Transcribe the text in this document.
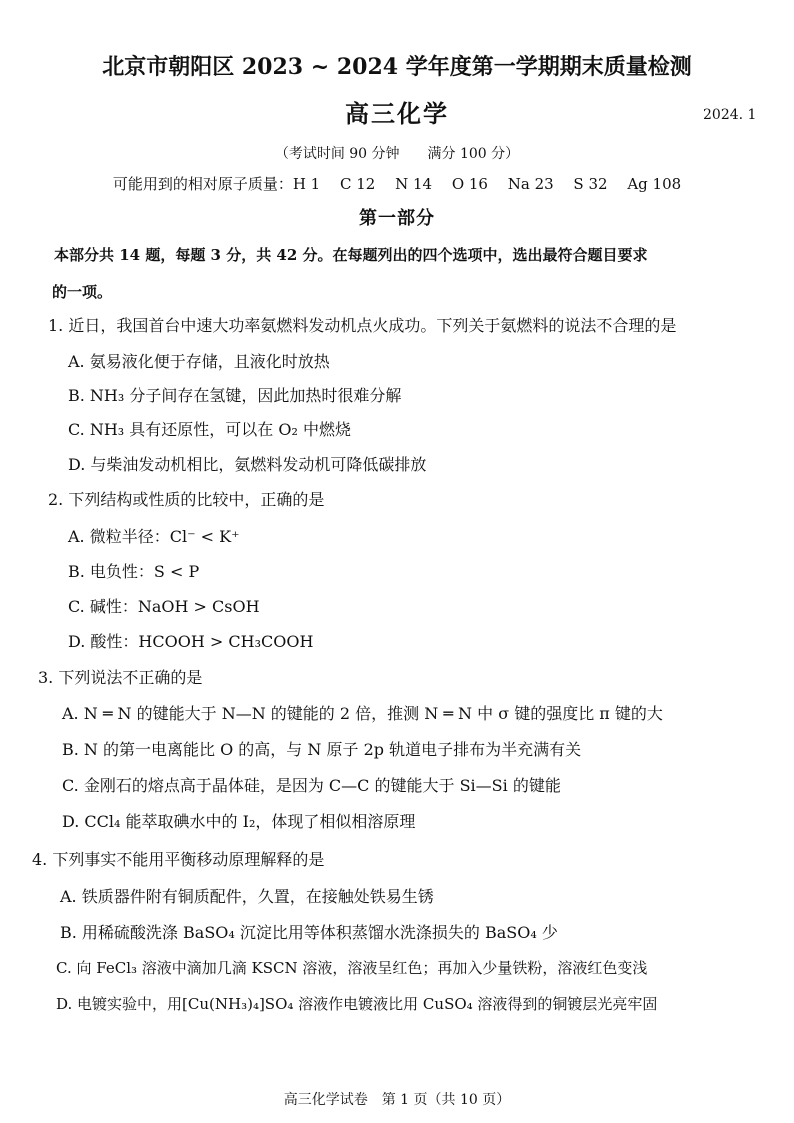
北京市朝阳区 2023 ~ 2024 学年度第一学期期末质量检测
高三化学	2024. 1
（考试时间 90 分钟　　满分 100 分）
可能用到的相对原子质量：H 1　 C 12　 N 14　 O 16　 Na 23　 S 32　 Ag 108
第一部分
本部分共 14 题，每题 3 分，共 42 分。在每题列出的四个选项中，选出最符合题目要求
的一项。
1. 近日，我国首台中速大功率氨燃料发动机点火成功。下列关于氨燃料的说法不合理的是
A. 氨易液化便于存储，且液化时放热
B. NH₃ 分子间存在氢键，因此加热时很难分解
C. NH₃ 具有还原性，可以在 O₂ 中燃烧
D. 与柴油发动机相比，氨燃料发动机可降低碳排放
2. 下列结构或性质的比较中，正确的是
A. 微粒半径：Cl⁻ < K⁺
B. 电负性：S < P
C. 碱性：NaOH > CsOH
D. 酸性：HCOOH > CH₃COOH
3. 下列说法不正确的是
A. N ═ N 的键能大于 N—N 的键能的 2 倍，推测 N ═ N 中 σ 键的强度比 π 键的大
B. N 的第一电离能比 O 的高，与 N 原子 2p 轨道电子排布为半充满有关
C. 金刚石的熔点高于晶体硅，是因为 C—C 的键能大于 Si—Si 的键能
D. CCl₄ 能萃取碘水中的 I₂，体现了相似相溶原理
4. 下列事实不能用平衡移动原理解释的是
A. 铁质器件附有铜质配件，久置，在接触处铁易生锈
B. 用稀硫酸洗涤 BaSO₄ 沉淀比用等体积蒸馏水洗涤损失的 BaSO₄ 少
C. 向 FeCl₃ 溶液中滴加几滴 KSCN 溶液，溶液呈红色；再加入少量铁粉，溶液红色变浅
D. 电镀实验中，用[Cu(NH₃)₄]SO₄ 溶液作电镀液比用 CuSO₄ 溶液得到的铜镀层光亮牢固
高三化学试卷　第 1 页（共 10 页）
